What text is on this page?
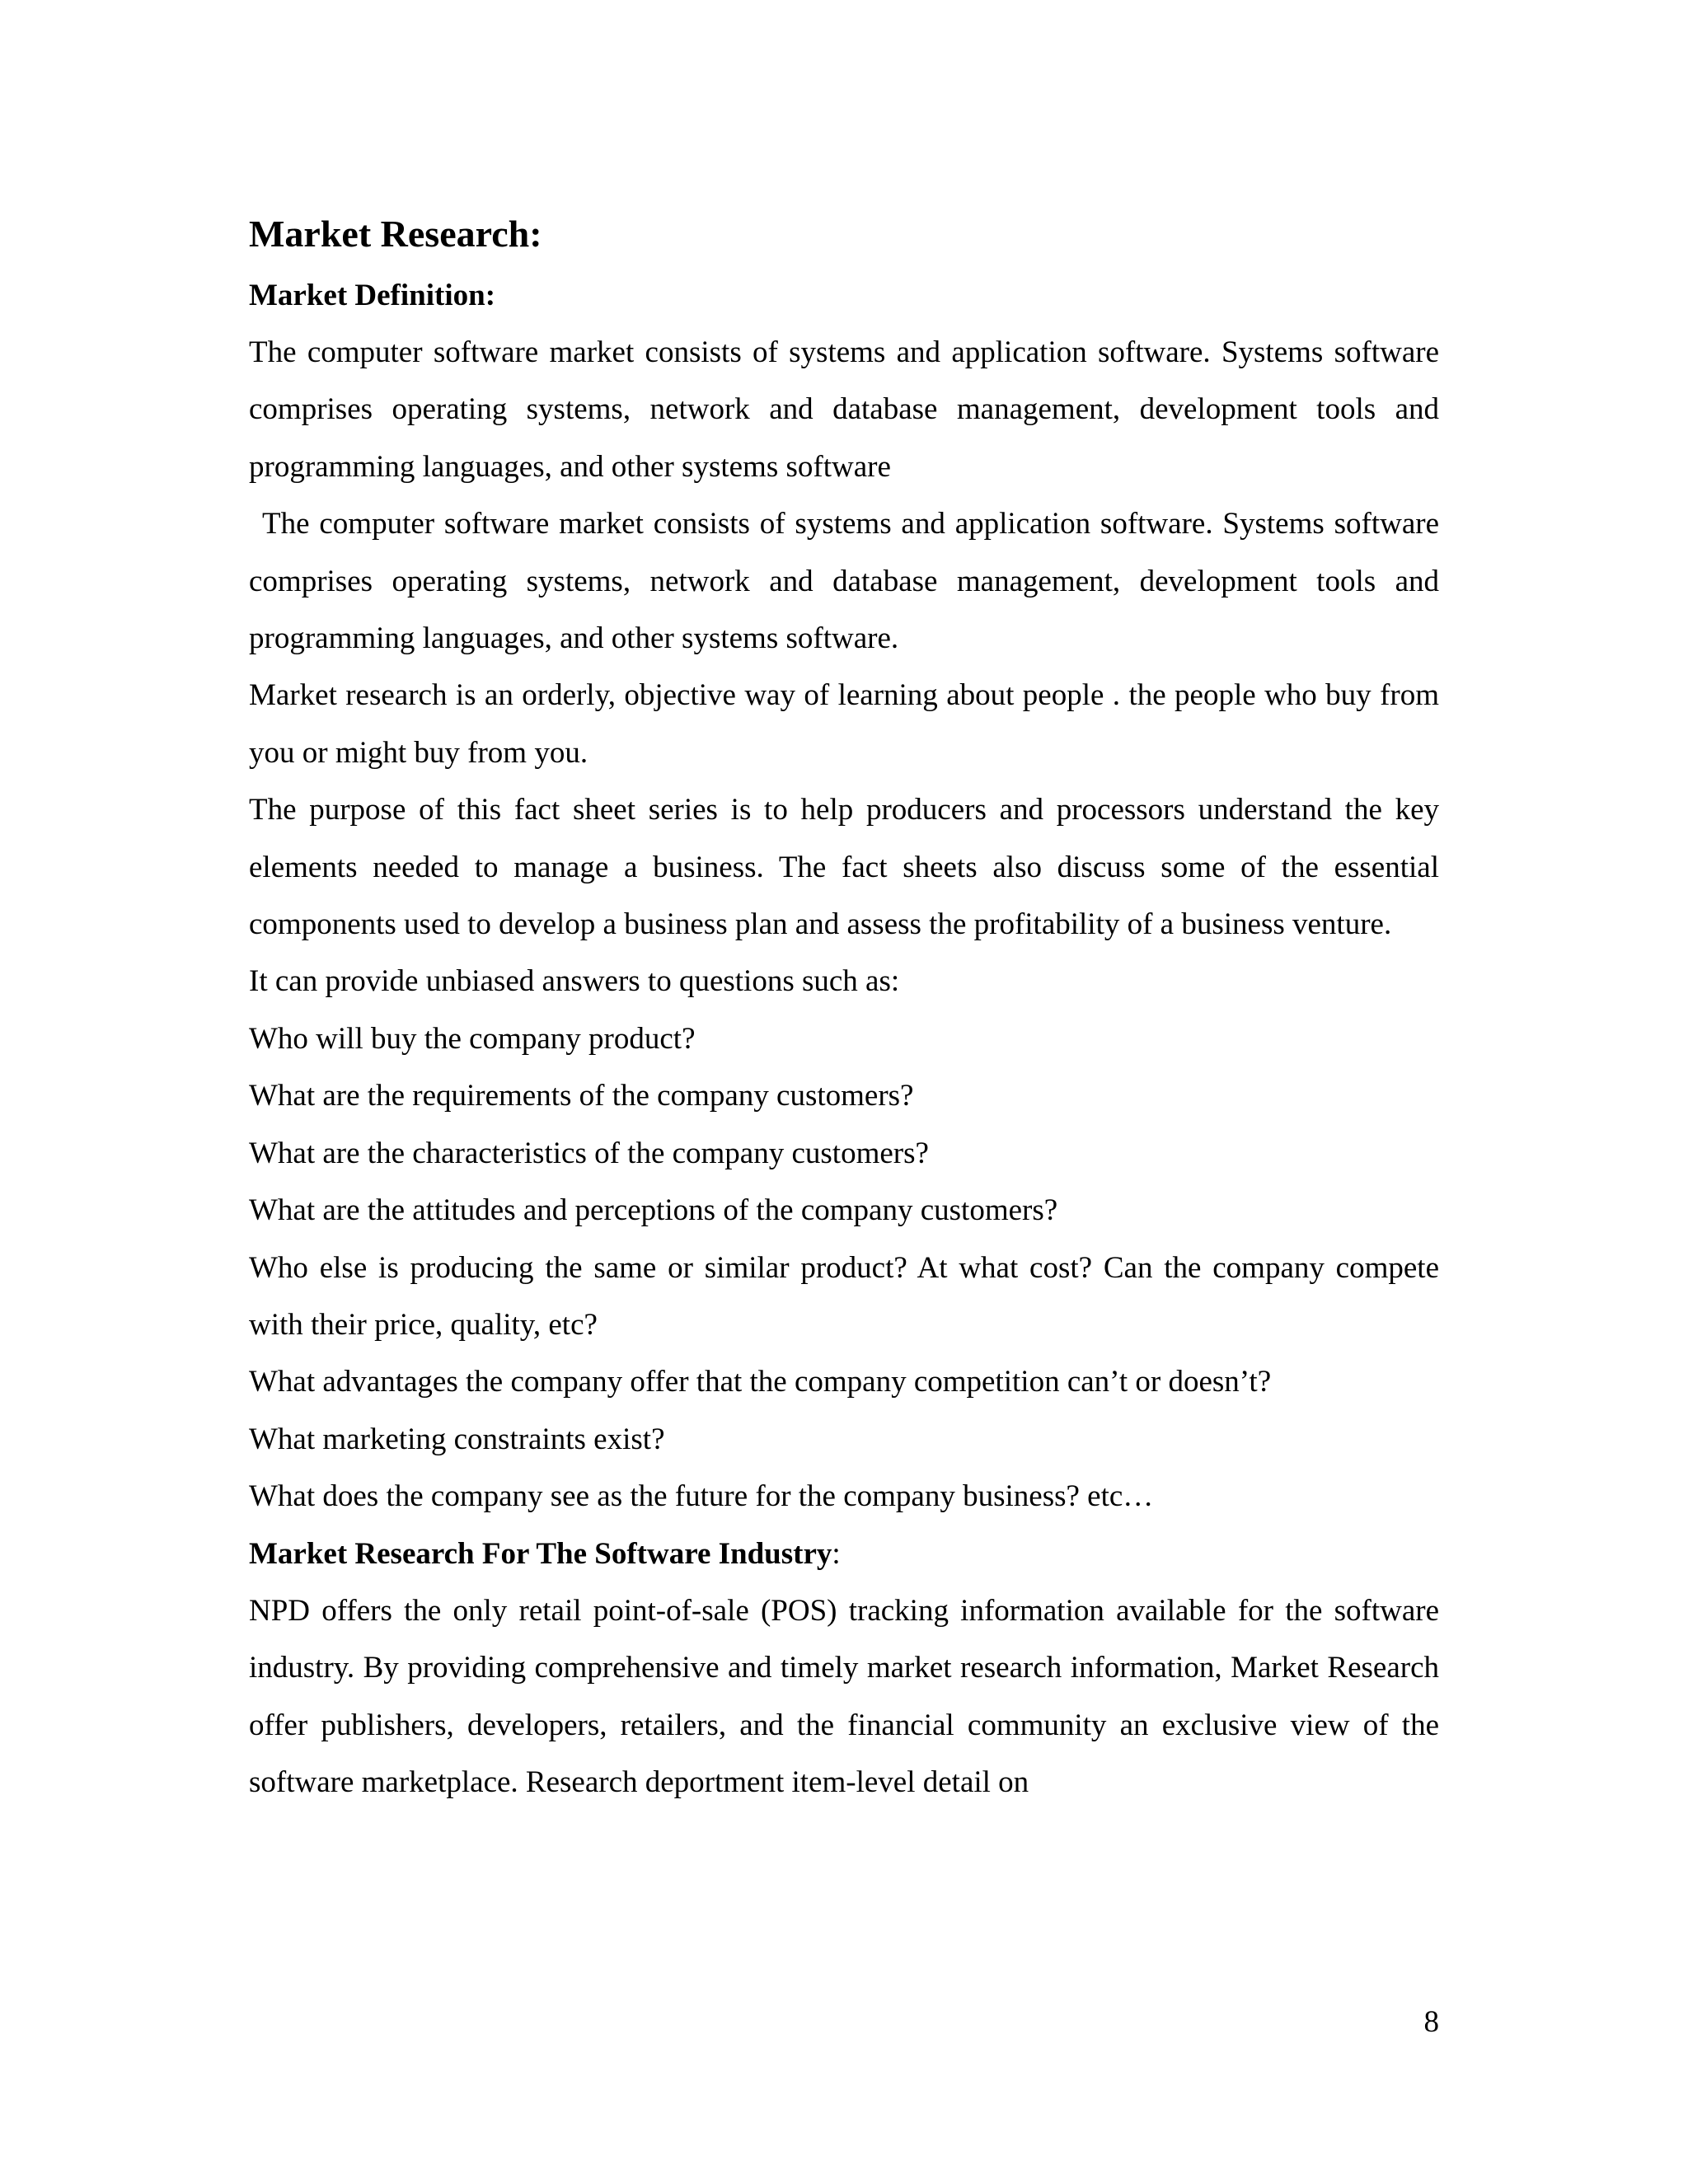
Market Research:
Market Definition:

The computer software market consists of systems and application software. Systems software comprises operating systems, network and database management, development tools and programming languages, and other systems software

The computer software market consists of systems and application software. Systems software comprises operating systems, network and database management, development tools and programming languages, and other systems software.

Market research is an orderly, objective way of learning about people . the people who buy from you or might buy from you.

The purpose of this fact sheet series is to help producers and processors understand the key elements needed to manage a business. The fact sheets also discuss some of the essential components used to develop a business plan and assess the profitability of a business venture.

It can provide unbiased answers to questions such as:

Who will buy the company product?

What are the requirements of the company customers?

What are the characteristics of the company customers?

What are the attitudes and perceptions of the company customers?

Who else is producing the same or similar product? At what cost? Can the company compete with their price, quality, etc?

What advantages the company offer that the company competition can’t or doesn’t?

What marketing constraints exist?

What does the company see as the future for the company business? etc…

Market Research For The Software Industry:

NPD offers the only retail point-of-sale (POS) tracking information available for the software industry. By providing comprehensive and timely market research information, Market Research offer publishers, developers, retailers, and the financial community an exclusive view of the software marketplace. Research deportment item-level detail on

8
